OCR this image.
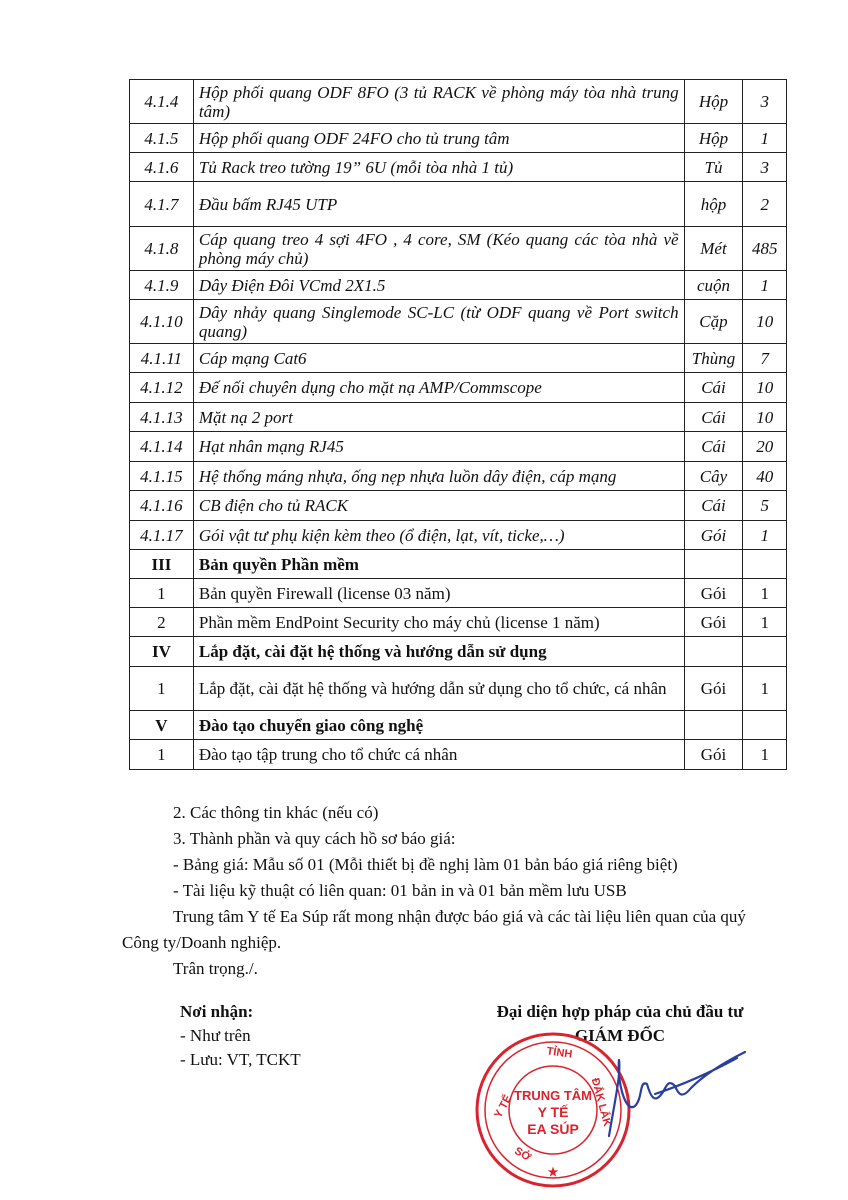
4.1.4	Hộp phối quang ODF 8FO (3 tủ RACK về phòng máy tòa nhà trung tâm)	Hộp	3
4.1.5	Hộp phối quang ODF 24FO cho tủ trung tâm	Hộp	1
4.1.6	Tủ Rack treo tường 19” 6U (mỗi tòa nhà 1 tủ)	Tủ	3
4.1.7	Đầu bấm RJ45 UTP	hộp	2
4.1.8	Cáp quang treo 4 sợi 4FO , 4 core, SM (Kéo quang các tòa nhà về phòng máy chủ)	Mét	485
4.1.9	Dây Điện Đôi VCmd 2X1.5	cuộn	1
4.1.10	Dây nhảy quang Singlemode SC-LC (từ ODF quang về Port switch quang)	Cặp	10
4.1.11	Cáp mạng Cat6	Thùng	7
4.1.12	Đế nối chuyên dụng cho mặt nạ AMP/Commscope	Cái	10
4.1.13	Mặt nạ 2 port	Cái	10
4.1.14	Hạt nhân mạng RJ45	Cái	20
4.1.15	Hệ thống máng nhựa, ống nẹp nhựa luồn dây điện, cáp mạng	Cây	40
4.1.16	CB điện cho tủ RACK	Cái	5
4.1.17	Gói vật tư phụ kiện kèm theo (ổ điện, lạt, vít, ticke,…)	Gói	1
III	Bản quyền Phần mềm		
1	Bản quyền Firewall (license 03 năm)	Gói	1
2	Phần mềm EndPoint Security cho máy chủ (license 1 năm)	Gói	1
IV	Lắp đặt, cài đặt hệ thống và hướng dẫn sử dụng		
1	Lắp đặt, cài đặt hệ thống và hướng dẫn sử dụng cho tổ chức, cá nhân	Gói	1
V	Đào tạo chuyển giao công nghệ		
1	Đào tạo tập trung cho tổ chức cá nhân	Gói	1

2. Các thông tin khác (nếu có)

3. Thành phần và quy cách hồ sơ báo giá:

- Bảng giá: Mẫu số 01 (Mỗi thiết bị đề nghị làm 01 bản báo giá riêng biệt)

- Tài liệu kỹ thuật có liên quan: 01 bản in và 01 bản mềm lưu USB

Trung tâm Y tế Ea Súp rất mong nhận được báo giá và các tài liệu liên quan của quý

Công ty/Doanh nghiệp.

Trân trọng./.

Nơi nhận:
- Như trên
- Lưu: VT, TCKT
Đại diện hợp pháp của chủ đầu tư
GIÁM ĐỐC
Y TẾ
TỈNH
ĐẮK LẮK
SỞ
TRUNG TÂM
Y TẾ
EA SÚP
★
